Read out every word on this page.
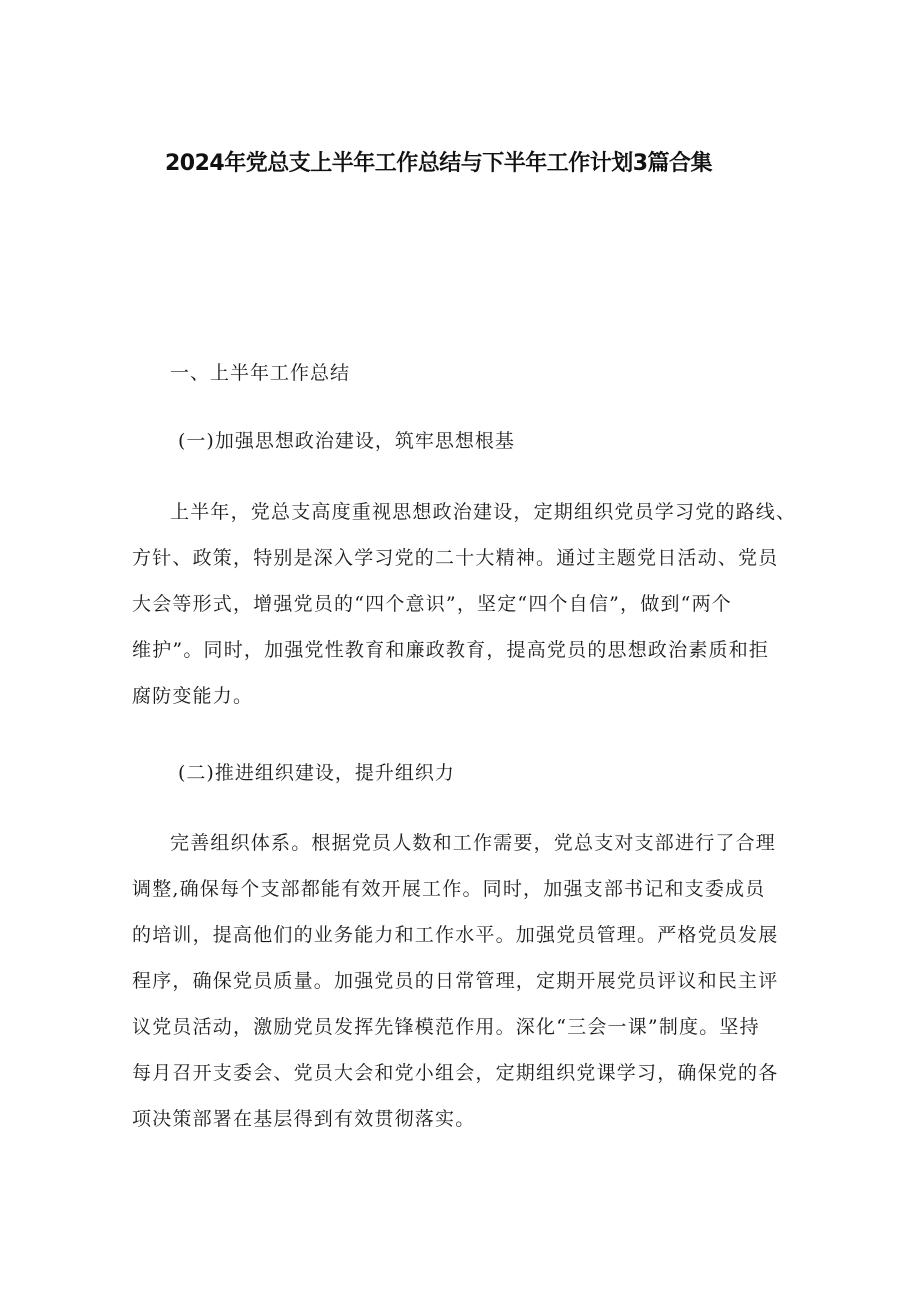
2024年党总支上半年工作总结与下半年工作计划3篇合集
一、上半年工作总结
(一)加强思想政治建设，筑牢思想根基
上半年，党总支高度重视思想政治建设，定期组织党员学习党的路线、
方针、政策，特别是深入学习党的二十大精神。通过主题党日活动、党员
大会等形式，增强党员的“四个意识”，坚定“四个自信”，做到“两个
维护”。同时，加强党性教育和廉政教育，提高党员的思想政治素质和拒
腐防变能力。
(二)推进组织建设，提升组织力
完善组织体系。根据党员人数和工作需要，党总支对支部进行了合理
调整,确保每个支部都能有效开展工作。同时，加强支部书记和支委成员
的培训，提高他们的业务能力和工作水平。加强党员管理。严格党员发展
程序，确保党员质量。加强党员的日常管理，定期开展党员评议和民主评
议党员活动，激励党员发挥先锋模范作用。深化“三会一课”制度。坚持
每月召开支委会、党员大会和党小组会，定期组织党课学习，确保党的各
项决策部署在基层得到有效贯彻落实。
